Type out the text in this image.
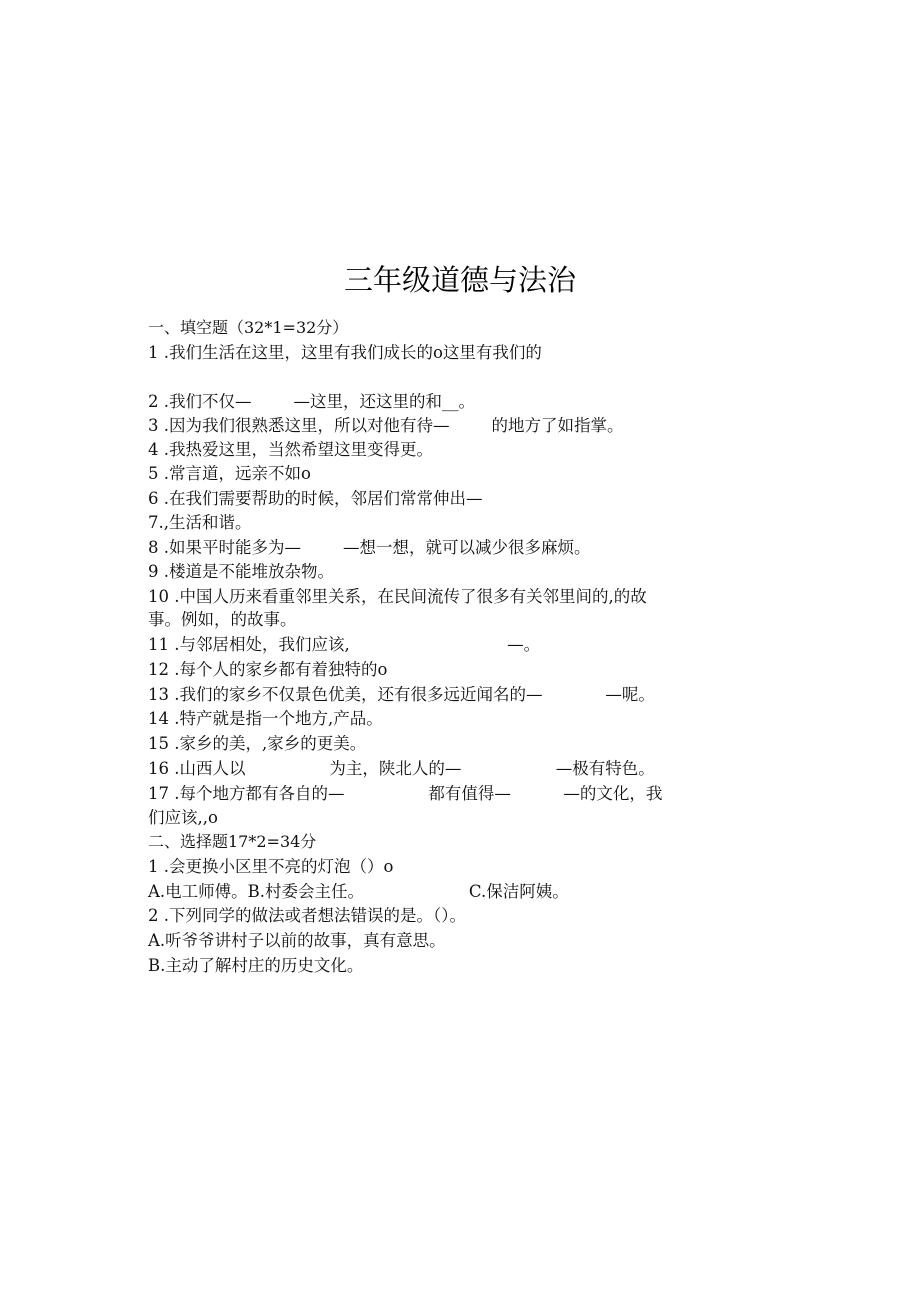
三年级道德与法治
一、填空题（32*1=32分）
1 .我们生活在这里，这里有我们成长的o这里有我们的
2 .我们不仅—        —这里，还这里的和__。
3 .因为我们很熟悉这里，所以对他有待—        的地方了如指掌。
4 .我热爱这里，当然希望这里变得更。
5 .常言道，远亲不如o
6 .在我们需要帮助的时候，邻居们常常伸出—
7.,生活和谐。
8 .如果平时能多为—        —想一想，就可以减少很多麻烦。
9 .楼道是不能堆放杂物。
10 .中国人历来看重邻里关系，在民间流传了很多有关邻里间的,的故
事。例如，的故事。
11 .与邻居相处，我们应该,                              —。
12 .每个人的家乡都有着独特的o
13 .我们的家乡不仅景色优美，还有很多远近闻名的—            —呢。
14 .特产就是指一个地方,产品。
15 .家乡的美，,家乡的更美。
16 .山西人以                为主，陕北人的—                  —极有特色。
17 .每个地方都有各自的—                都有值得—          —的文化，我
们应该,,o
二、选择题17*2=34分
1 .会更换小区里不亮的灯泡（）o
A.电工师傅。B.村委会主任。                    C.保洁阿姨。
2 .下列同学的做法或者想法错误的是。（）。
A.听爷爷讲村子以前的故事，真有意思。
B.主动了解村庄的历史文化。
